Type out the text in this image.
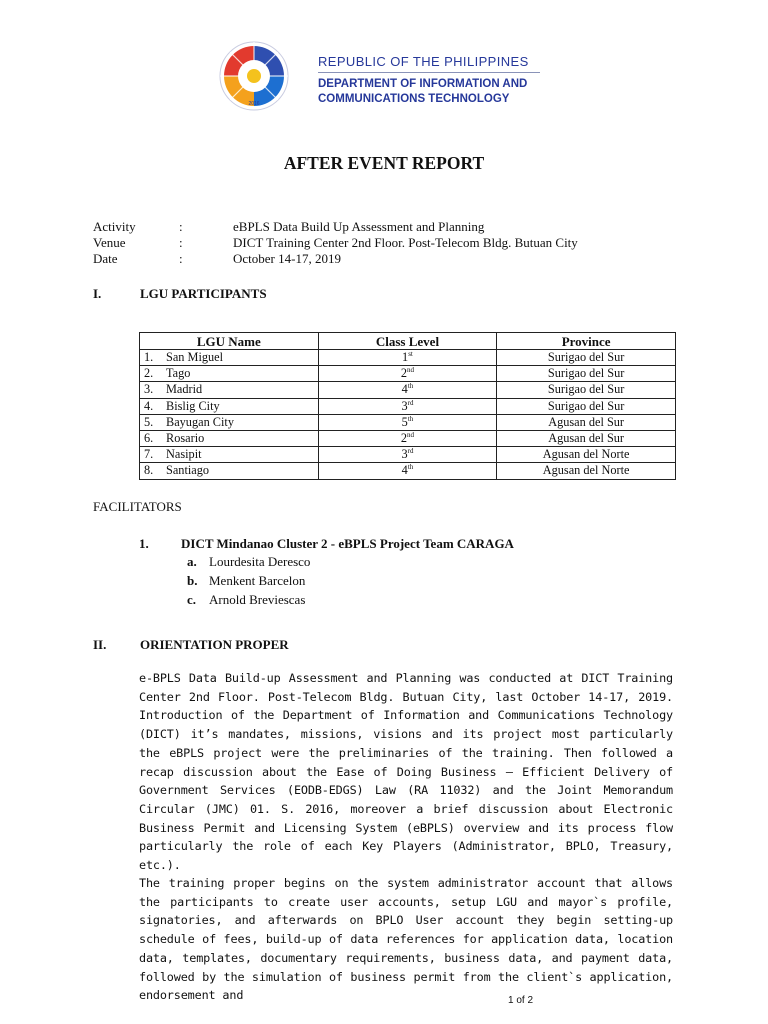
2016
REPUBLIC OF THE PHILIPPINES
DEPARTMENT OF INFORMATION AND
COMMUNICATIONS TECHNOLOGY
AFTER EVENT REPORT
Activity	:	eBPLS Data Build Up Assessment and Planning
Venue	:	DICT Training Center 2nd Floor. Post-Telecom Bldg. Butuan City
Date	:	October 14-17, 2019
I.	LGU PARTICIPANTS
LGU Name	Class Level	Province
1. San Miguel	1st	Surigao del Sur
2. Tago	2nd	Surigao del Sur
3. Madrid	4th	Surigao del Sur
4. Bislig City	3rd	Surigao del Sur
5. Bayugan City	5th	Agusan del Sur
6. Rosario	2nd	Agusan del Sur
7. Nasipit	3rd	Agusan del Norte
8. Santiago	4th	Agusan del Norte
FACILITATORS
1. DICT Mindanao Cluster 2 - eBPLS Project Team CARAGA
a. Lourdesita Deresco
b. Menkent Barcelon
c. Arnold Breviescas
II.	ORIENTATION PROPER

e-BPLS Data Build-up Assessment and Planning was conducted at DICT Training Center 2nd Floor. Post-Telecom Bldg. Butuan City, last October 14-17, 2019. Introduction of the Department of Information and Communications Technology (DICT) it’s mandates, missions, visions and its project most particularly the eBPLS project were the preliminaries of the training. Then followed a recap discussion about the Ease of Doing Business – Efficient Delivery of Government Services (EODB-EDGS) Law (RA 11032) and the Joint Memorandum Circular (JMC) 01. S. 2016, moreover a brief discussion about Electronic Business Permit and Licensing System (eBPLS) overview and its process flow particularly the role of each Key Players (Administrator, BPLO, Treasury, etc.).

The training proper begins on the system administrator account that allows the participants to create user accounts, setup LGU and mayor`s profile, signatories, and afterwards on BPLO User account they begin setting-up schedule of fees, build-up of data references for application data, location data, templates, documentary requirements, business data, and payment data, followed by the simulation of business permit from the client`s application, endorsement and	1 of 2
